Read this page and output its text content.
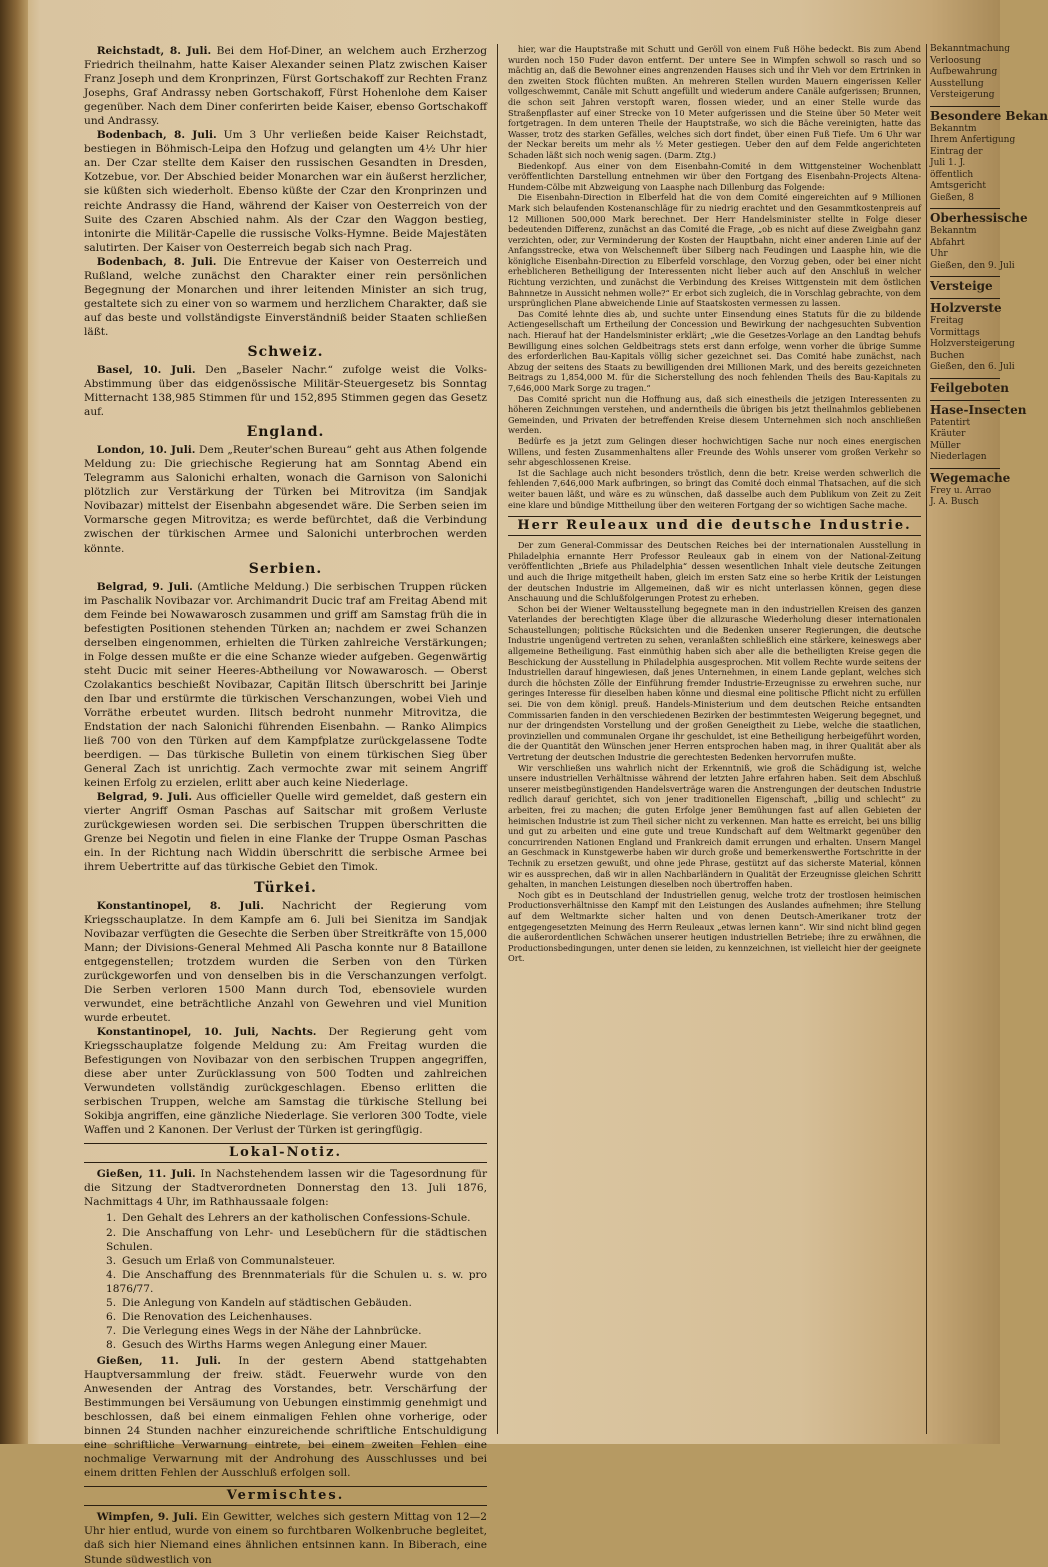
Reichstadt, 8. Juli. Bei dem Hof-Diner, an welchem auch Erzherzog Friedrich theilnahm, hatte Kaiser Alexander seinen Platz zwischen Kaiser Franz Joseph und dem Kronprinzen, Fürst Gortschakoff zur Rechten Franz Josephs, Graf Andrassy neben Gortschakoff, Fürst Hohenlohe dem Kaiser gegenüber. Nach dem Diner conferirten beide Kaiser, ebenso Gortschakoff und Andrassy.

Bodenbach, 8. Juli. Um 3 Uhr verließen beide Kaiser Reichstadt, bestiegen in Böhmisch-Leipa den Hofzug und gelangten um 4½ Uhr hier an. Der Czar stellte dem Kaiser den russischen Gesandten in Dresden, Kotzebue, vor. Der Abschied beider Monarchen war ein äußerst herzlicher, sie küßten sich wiederholt. Ebenso küßte der Czar den Kronprinzen und reichte Andrassy die Hand, während der Kaiser von Oesterreich von der Suite des Czaren Abschied nahm. Als der Czar den Waggon bestieg, intonirte die Militär-Capelle die russische Volks-Hymne. Beide Majestäten salutirten. Der Kaiser von Oesterreich begab sich nach Prag.

Bodenbach, 8. Juli. Die Entrevue der Kaiser von Oesterreich und Rußland, welche zunächst den Charakter einer rein persönlichen Begegnung der Monarchen und ihrer leitenden Minister an sich trug, gestaltete sich zu einer von so warmem und herzlichem Charakter, daß sie auf das beste und vollständigste Einverständniß beider Staaten schließen läßt.

Schweiz.

Basel, 10. Juli. Den „Baseler Nachr.“ zufolge weist die Volks-Abstimmung über das eidgenössische Militär-Steuergesetz bis Sonntag Mitternacht 138,985 Stimmen für und 152,895 Stimmen gegen das Gesetz auf.

England.

London, 10. Juli. Dem „Reuter'schen Bureau“ geht aus Athen folgende Meldung zu: Die griechische Regierung hat am Sonntag Abend ein Telegramm aus Salonichi erhalten, wonach die Garnison von Salonichi plötzlich zur Verstärkung der Türken bei Mitrovitza (im Sandjak Novibazar) mittelst der Eisenbahn abgesendet wäre. Die Serben seien im Vormarsche gegen Mitrovitza; es werde befürchtet, daß die Verbindung zwischen der türkischen Armee und Salonichi unterbrochen werden könnte.

Serbien.

Belgrad, 9. Juli. (Amtliche Meldung.) Die serbischen Truppen rücken im Paschalik Novibazar vor. Archimandrit Ducic traf am Freitag Abend mit dem Feinde bei Nowawarosch zusammen und griff am Samstag früh die in befestigten Positionen stehenden Türken an; nachdem er zwei Schanzen derselben eingenommen, erhielten die Türken zahlreiche Verstärkungen; in Folge dessen mußte er die eine Schanze wieder aufgeben. Gegenwärtig steht Ducic mit seiner Heeres-Abtheilung vor Nowawarosch. — Oberst Czolakantics beschießt Novibazar, Capitän Ilitsch überschritt bei Jarinje den Ibar und erstürmte die türkischen Verschanzungen, wobei Vieh und Vorräthe erbeutet wurden. Ilitsch bedroht nunmehr Mitrovitza, die Endstation der nach Salonichi führenden Eisenbahn. — Ranko Alimpics ließ 700 von den Türken auf dem Kampfplatze zurückgelassene Todte beerdigen. — Das türkische Bulletin von einem türkischen Sieg über General Zach ist unrichtig. Zach vermochte zwar mit seinem Angriff keinen Erfolg zu erzielen, erlitt aber auch keine Niederlage.

Belgrad, 9. Juli. Aus officieller Quelle wird gemeldet, daß gestern ein vierter Angriff Osman Paschas auf Saitschar mit großem Verluste zurückgewiesen worden sei. Die serbischen Truppen überschritten die Grenze bei Negotin und fielen in eine Flanke der Truppe Osman Paschas ein. In der Richtung nach Widdin überschritt die serbische Armee bei ihrem Uebertritte auf das türkische Gebiet den Timok.

Türkei.

Konstantinopel, 8. Juli. Nachricht der Regierung vom Kriegsschauplatze. In dem Kampfe am 6. Juli bei Sienitza im Sandjak Novibazar verfügten die Gesechte die Serben über Streitkräfte von 15,000 Mann; der Divisions-General Mehmed Ali Pascha konnte nur 8 Bataillone entgegenstellen; trotzdem wurden die Serben von den Türken zurückgeworfen und von denselben bis in die Verschanzungen verfolgt. Die Serben verloren 1500 Mann durch Tod, ebensoviele wurden verwundet, eine beträchtliche Anzahl von Gewehren und viel Munition wurde erbeutet.

Konstantinopel, 10. Juli, Nachts. Der Regierung geht vom Kriegsschauplatze folgende Meldung zu: Am Freitag wurden die Befestigungen von Novibazar von den serbischen Truppen angegriffen, diese aber unter Zurücklassung von 500 Todten und zahlreichen Verwundeten vollständig zurückgeschlagen. Ebenso erlitten die serbischen Truppen, welche am Samstag die türkische Stellung bei Sokibja angriffen, eine gänzliche Niederlage. Sie verloren 300 Todte, viele Waffen und 2 Kanonen. Der Verlust der Türken ist geringfügig.

Lokal-Notiz.

Gießen, 11. Juli. In Nachstehendem lassen wir die Tagesordnung für die Sitzung der Stadtverordneten Donnerstag den 13. Juli 1876, Nachmittags 4 Uhr, im Rathhaussaale folgen:

1. Den Gehalt des Lehrers an der katholischen Confessions-Schule.
2. Die Anschaffung von Lehr- und Lesebüchern für die städtischen Schulen.
3. Gesuch um Erlaß von Communalsteuer.
4. Die Anschaffung des Brennmaterials für die Schulen u. s. w. pro 1876/77.
5. Die Anlegung von Kandeln auf städtischen Gebäuden.
6. Die Renovation des Leichenhauses.
7. Die Verlegung eines Wegs in der Nähe der Lahnbrücke.
8. Gesuch des Wirths Harms wegen Anlegung einer Mauer.

Gießen, 11. Juli. In der gestern Abend stattgehabten Hauptversammlung der freiw. städt. Feuerwehr wurde von den Anwesenden der Antrag des Vorstandes, betr. Verschärfung der Bestimmungen bei Versäumung von Uebungen einstimmig genehmigt und beschlossen, daß bei einem einmaligen Fehlen ohne vorherige, oder binnen 24 Stunden nachher einzureichende schriftliche Entschuldigung eine schriftliche Verwarnung eintrete, bei einem zweiten Fehlen eine nochmalige Verwarnung mit der Androhung des Ausschlusses und bei einem dritten Fehlen der Ausschluß erfolgen soll.

Vermischtes.

Wimpfen, 9. Juli. Ein Gewitter, welches sich gestern Mittag von 12—2 Uhr hier entlud, wurde von einem so furchtbaren Wolkenbruche begleitet, daß sich hier Niemand eines ähnlichen entsinnen kann. In Biberach, eine Stunde südwestlich von

hier, war die Hauptstraße mit Schutt und Geröll von einem Fuß Höhe bedeckt. Bis zum Abend wurden noch 150 Fuder davon entfernt. Der untere See in Wimpfen schwoll so rasch und so mächtig an, daß die Bewohner eines angrenzenden Hauses sich und ihr Vieh vor dem Ertrinken in den zweiten Stock flüchten mußten. An mehreren Stellen wurden Mauern eingerissen Keller vollgeschwemmt, Canäle mit Schutt angefüllt und wiederum andere Canäle aufgerissen; Brunnen, die schon seit Jahren verstopft waren, flossen wieder, und an einer Stelle wurde das Straßenpflaster auf einer Strecke von 10 Meter aufgerissen und die Steine über 50 Meter weit fortgetragen. In dem unteren Theile der Hauptstraße, wo sich die Bäche vereinigten, hatte das Wasser, trotz des starken Gefälles, welches sich dort findet, über einen Fuß Tiefe. Um 6 Uhr war der Neckar bereits um mehr als ½ Meter gestiegen. Ueber den auf dem Felde angerichteten Schaden läßt sich noch wenig sagen. (Darm. Ztg.)

Biedenkopf. Aus einer von dem Eisenbahn-Comité in dem Wittgensteiner Wochenblatt veröffentlichten Darstellung entnehmen wir über den Fortgang des Eisenbahn-Projects Altena-Hundem-Cölbe mit Abzweigung von Laasphe nach Dillenburg das Folgende:

Die Eisenbahn-Direction in Elberfeld hat die von dem Comité eingereichten auf 9 Millionen Mark sich belaufenden Kostenanschläge für zu niedrig erachtet und den Gesammtkostenpreis auf 12 Millionen 500,000 Mark berechnet. Der Herr Handelsminister stellte in Folge dieser bedeutenden Differenz, zunächst an das Comité die Frage, „ob es nicht auf diese Zweigbahn ganz verzichten, oder, zur Verminderung der Kosten der Hauptbahn, nicht einer anderen Linie auf der Anfangsstrecke, etwa von Welschenneft über Silberg nach Feudingen und Laasphe hin, wie die königliche Eisenbahn-Direction zu Elberfeld vorschlage, den Vorzug geben, oder bei einer nicht erheblicheren Betheiligung der Interessenten nicht lieber auch auf den Anschluß in welcher Richtung verzichten, und zunächst die Verbindung des Kreises Wittgenstein mit dem östlichen Bahnnetze in Aussicht nehmen wolle?“ Er erbot sich zugleich, die in Vorschlag gebrachte, von dem ursprünglichen Plane abweichende Linie auf Staatskosten vermessen zu lassen.

Das Comité lehnte dies ab, und suchte unter Einsendung eines Statuts für die zu bildende Actiengesellschaft um Ertheilung der Concession und Bewirkung der nachgesuchten Subvention nach. Hierauf hat der Handelsminister erklärt; „wie die Gesetzes-Vorlage an den Landtag behufs Bewilligung eines solchen Geldbeitrags stets erst dann erfolge, wenn vorher die übrige Summe des erforderlichen Bau-Kapitals völlig sicher gezeichnet sei. Das Comité habe zunächst, nach Abzug der seitens des Staats zu bewilligenden drei Millionen Mark, und des bereits gezeichneten Beitrags zu 1,854,000 M. für die Sicherstellung des noch fehlenden Theils des Bau-Kapitals zu 7,646,000 Mark Sorge zu tragen.“

Das Comité spricht nun die Hoffnung aus, daß sich einestheils die jetzigen Interessenten zu höheren Zeichnungen verstehen, und anderntheils die übrigen bis jetzt theilnahmlos gebliebenen Gemeinden, und Privaten der betreffenden Kreise diesem Unternehmen sich noch anschließen werden.

Bedürfe es ja jetzt zum Gelingen dieser hochwichtigen Sache nur noch eines energischen Willens, und festen Zusammenhaltens aller Freunde des Wohls unserer vom großen Verkehr so sehr abgeschlossenen Kreise.

Ist die Sachlage auch nicht besonders tröstlich, denn die betr. Kreise werden schwerlich die fehlenden 7,646,000 Mark aufbringen, so bringt das Comité doch einmal Thatsachen, auf die sich weiter bauen läßt, und wäre es zu wünschen, daß dasselbe auch dem Publikum von Zeit zu Zeit eine klare und bündige Mittheilung über den weiteren Fortgang der so wichtigen Sache mache.

Herr Reuleaux und die deutsche Industrie.

Der zum General-Commissar des Deutschen Reiches bei der internationalen Ausstellung in Philadelphia ernannte Herr Professor Reuleaux gab in einem von der National-Zeitung veröffentlichten „Briefe aus Philadelphia“ dessen wesentlichen Inhalt viele deutsche Zeitungen und auch die Ihrige mitgetheilt haben, gleich im ersten Satz eine so herbe Kritik der Leistungen der deutschen Industrie im Allgemeinen, daß wir es nicht unterlassen können, gegen diese Anschauung und die Schlußfolgerungen Protest zu erheben.

Schon bei der Wiener Weltausstellung begegnete man in den industriellen Kreisen des ganzen Vaterlandes der berechtigten Klage über die allzurasche Wiederholung dieser internationalen Schaustellungen; politische Rücksichten und die Bedenken unserer Regierungen, die deutsche Industrie ungenügend vertreten zu sehen, veranlaßten schließlich eine stärkere, keineswegs aber allgemeine Betheiligung. Fast einmüthig haben sich aber alle die betheiligten Kreise gegen die Beschickung der Ausstellung in Philadelphia ausgesprochen. Mit vollem Rechte wurde seitens der Industriellen darauf hingewiesen, daß jenes Unternehmen, in einem Lande geplant, welches sich durch die höchsten Zölle der Einführung fremder Industrie-Erzeugnisse zu erwehren suche, nur geringes Interesse für dieselben haben könne und diesmal eine politische Pflicht nicht zu erfüllen sei. Die von dem königl. preuß. Handels-Ministerium und dem deutschen Reiche entsandten Commissarien fanden in den verschiedenen Bezirken der bestimmtesten Weigerung begegnet, und nur der dringendsten Vorstellung und der großen Geneigtheit zu Liebe, welche die staatlichen, provinziellen und communalen Organe ihr geschuldet, ist eine Betheiligung herbeigeführt worden, die der Quantität den Wünschen jener Herren entsprochen haben mag, in ihrer Qualität aber als Vertretung der deutschen Industrie die gerechtesten Bedenken hervorrufen mußte.

Wir verschließen uns wahrlich nicht der Erkenntniß, wie groß die Schädigung ist, welche unsere industriellen Verhältnisse während der letzten Jahre erfahren haben. Seit dem Abschluß unserer meistbegünstigenden Handelsverträge waren die Anstrengungen der deutschen Industrie redlich darauf gerichtet, sich von jener traditionellen Eigenschaft, „billig und schlecht“ zu arbeiten, frei zu machen; die guten Erfolge jener Bemühungen fast auf allen Gebieten der heimischen Industrie ist zum Theil sicher nicht zu verkennen. Man hatte es erreicht, bei uns billig und gut zu arbeiten und eine gute und treue Kundschaft auf dem Weltmarkt gegenüber den concurrirenden Nationen England und Frankreich damit errungen und erhalten. Unsern Mangel an Geschmack in Kunstgewerbe haben wir durch große und bemerkenswerthe Fortschritte in der Technik zu ersetzen gewußt, und ohne jede Phrase, gestützt auf das sicherste Material, können wir es aussprechen, daß wir in allen Nachbarländern in Qualität der Erzeugnisse gleichen Schritt gehalten, in manchen Leistungen dieselben noch übertroffen haben.

Noch gibt es in Deutschland der Industriellen genug, welche trotz der trostlosen heimischen Productionsverhältnisse den Kampf mit den Leistungen des Auslandes aufnehmen; ihre Stellung auf dem Weltmarkte sicher halten und von denen Deutsch-Amerikaner trotz der entgegengesetzten Meinung des Herrn Reuleaux „etwas lernen kann“. Wir sind nicht blind gegen die außerordentlichen Schwächen unserer heutigen industriellen Betriebe; ihre zu erwähnen, die Productionsbedingungen, unter denen sie leiden, zu kennzeichnen, ist vielleicht hier der geeignete Ort.

Bekanntmachung
Verloosung
Aufbewahrung
Ausstellung
Versteigerung
Besondere Bekan
Bekanntm
Ihrem Anfertigung
Eintrag der
Juli 1. J.
öffentlich
Amtsgericht
Gießen, 8
Oberhessische
Bekanntm
Abfahrt
Uhr
Gießen, den 9. Juli
Versteige
Holzverste
Freitag
Vormittags
Holzversteigerung
Buchen
Gießen, den 6. Juli
Feilgeboten
Hase-Insecten
Patentirt
Kräuter
Müller
Niederlagen
Wegemache
Frey u. Arrao
J. A. Busch
